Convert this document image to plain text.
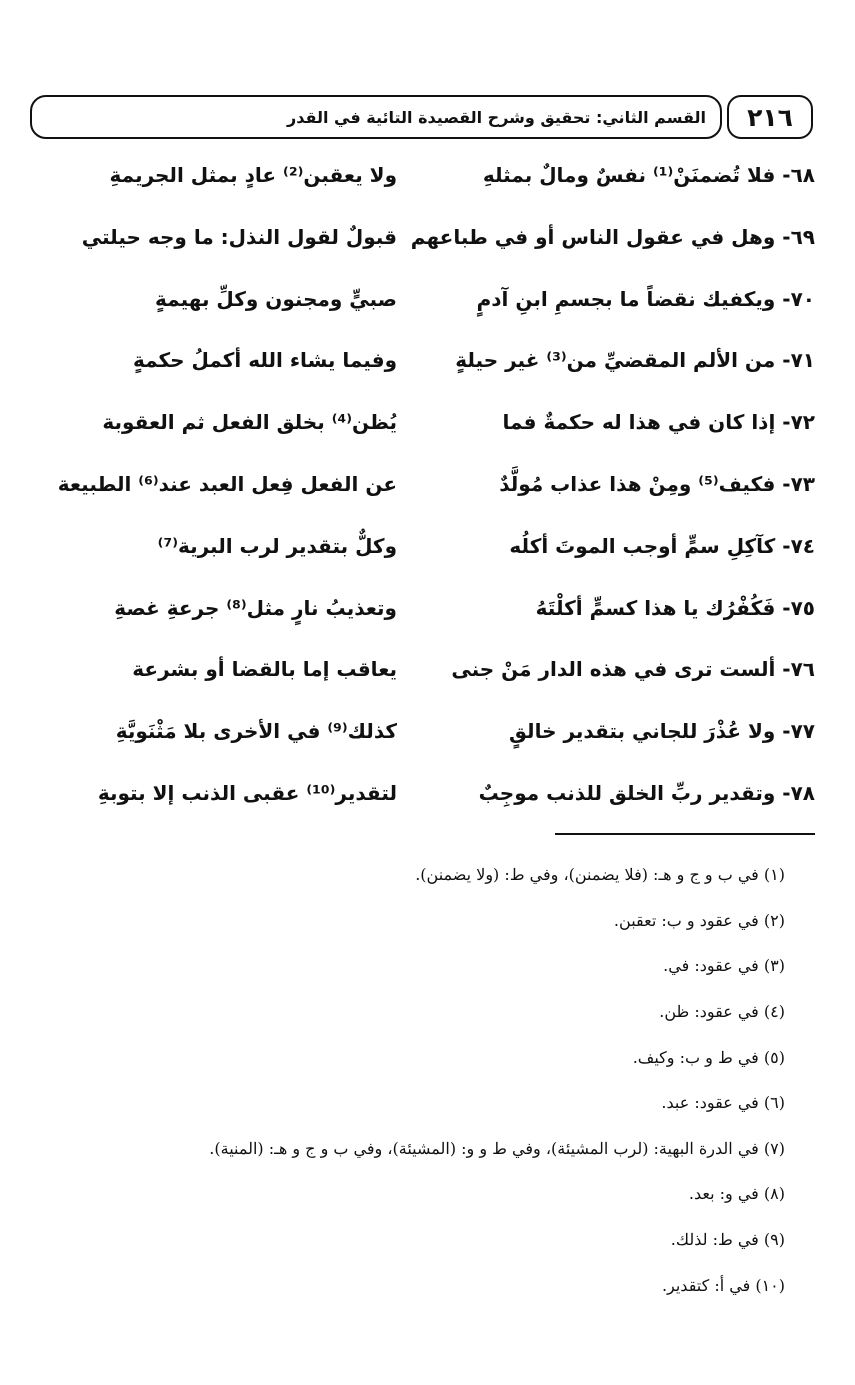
٢١٦
القسم الثاني: تحقيق وشرح القصيدة التائية في القدر
٦٨- فلا تُضمنَنْ⁽¹⁾ نفسٌ ومالٌ بمثلهِ
ولا يعقبن⁽²⁾ عادٍ بمثل الجريمةِ
٦٩- وهل في عقول الناس أو في طباعهم
قبولٌ لقول النذل: ما وجه حيلتي
٧٠- ويكفيك نقضاً ما بجسمِ ابنِ آدمٍ
صبيٍّ ومجنون وكلِّ بهيمةٍ
٧١- من الألم المقضيِّ من⁽³⁾ غير حيلةٍ
وفيما يشاء الله أكملُ حكمةٍ
٧٢- إذا كان في هذا له حكمةٌ فما
يُظن⁽⁴⁾ بخلق الفعل ثم العقوبة
٧٣- فكيف⁽⁵⁾ ومِنْ هذا عذاب مُولَّدٌ
عن الفعل فِعل العبد عند⁽⁶⁾ الطبيعة
٧٤- كآكِلِ سمٍّ أوجب الموتَ أكلُه
وكلٌّ بتقدير لرب البرية⁽⁷⁾
٧٥- فَكُفْرُك يا هذا كسمٍّ أكلْتَهُ
وتعذيبُ نارٍ مثل⁽⁸⁾ جرعةِ غصةِ
٧٦- ألست ترى في هذه الدار مَنْ جنى
يعاقب إما بالقضا أو بشرعة
٧٧- ولا عُذْرَ للجاني بتقدير خالقٍ
كذلك⁽⁹⁾ في الأخرى بلا مَثْنَويَّةِ
٧٨- وتقدير ربِّ الخلق للذنب موجِبٌ
لتقدير⁽¹⁰⁾ عقبى الذنب إلا بتوبةِ
(١) في ب و ج و هـ: (فلا يضمنن)، وفي ط: (ولا يضمنن).
(٢) في عقود و ب: تعقبن.
(٣) في عقود: في.
(٤) في عقود: ظن.
(٥) في ط و ب: وكيف.
(٦) في عقود: عبد.
(٧) في الدرة البهية: (لرب المشيئة)، وفي ط و و: (المشيئة)، وفي ب و ج و هـ: (المنية).
(٨) في و: بعد.
(٩) في ط: لذلك.
(١٠) في أ: كتقدير.
